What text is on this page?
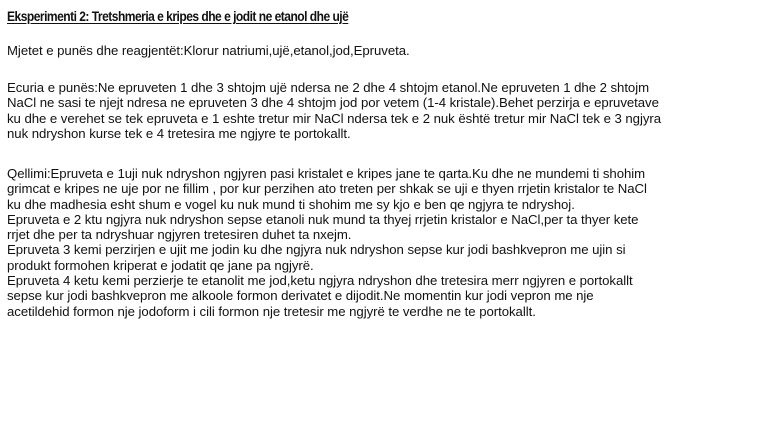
Eksperimenti 2: Tretshmeria e kripes dhe e jodit ne etanol dhe ujë
Mjetet e punës dhe reagjentët:Klorur natriumi,ujë,etanol,jod,Epruveta.
Ecuria e punës:Ne epruveten 1 dhe 3 shtojm ujë ndersa ne 2 dhe 4 shtojm etanol.Ne epruveten 1 dhe 2 shtojm
NaCl ne sasi te njejt ndresa ne epruveten 3 dhe 4 shtojm jod por vetem (1-4 kristale).Behet perzirja e epruvetave
ku dhe e verehet se tek epruveta e 1 eshte tretur mir NaCl ndersa tek e 2 nuk është tretur mir NaCl tek e 3 ngjyra
nuk ndryshon kurse tek e 4 tretesira me ngjyre te portokallt.
Qellimi:Epruveta e 1uji nuk ndryshon ngjyren pasi kristalet e kripes jane te qarta.Ku dhe ne mundemi ti shohim
grimcat e kripes ne uje por ne fillim , por kur perzihen ato treten per shkak se uji e thyen rrjetin kristalor te NaCl
ku dhe madhesia esht shum e vogel ku nuk mund ti shohim me sy kjo e ben qe ngjyra te ndryshoj.
Epruveta e 2 ktu ngjyra nuk ndryshon sepse etanoli nuk mund ta thyej rrjetin kristalor e NaCl,per ta thyer kete
rrjet dhe per ta ndryshuar ngjyren tretesiren duhet ta nxejm.
Epruveta 3 kemi perzirjen e ujit me jodin ku dhe ngjyra nuk ndryshon sepse kur jodi bashkvepron me ujin si
produkt formohen kriperat e jodatit qe jane pa ngjyrë.
Epruveta 4 ketu kemi perzierje te etanolit me jod,ketu ngjyra ndryshon dhe tretesira merr ngjyren e portokallt
sepse kur jodi bashkvepron me alkoole formon derivatet e dijodit.Ne momentin kur jodi vepron me nje
acetildehid formon nje jodoform i cili formon nje tretesir me ngjyrë te verdhe ne te portokallt.
